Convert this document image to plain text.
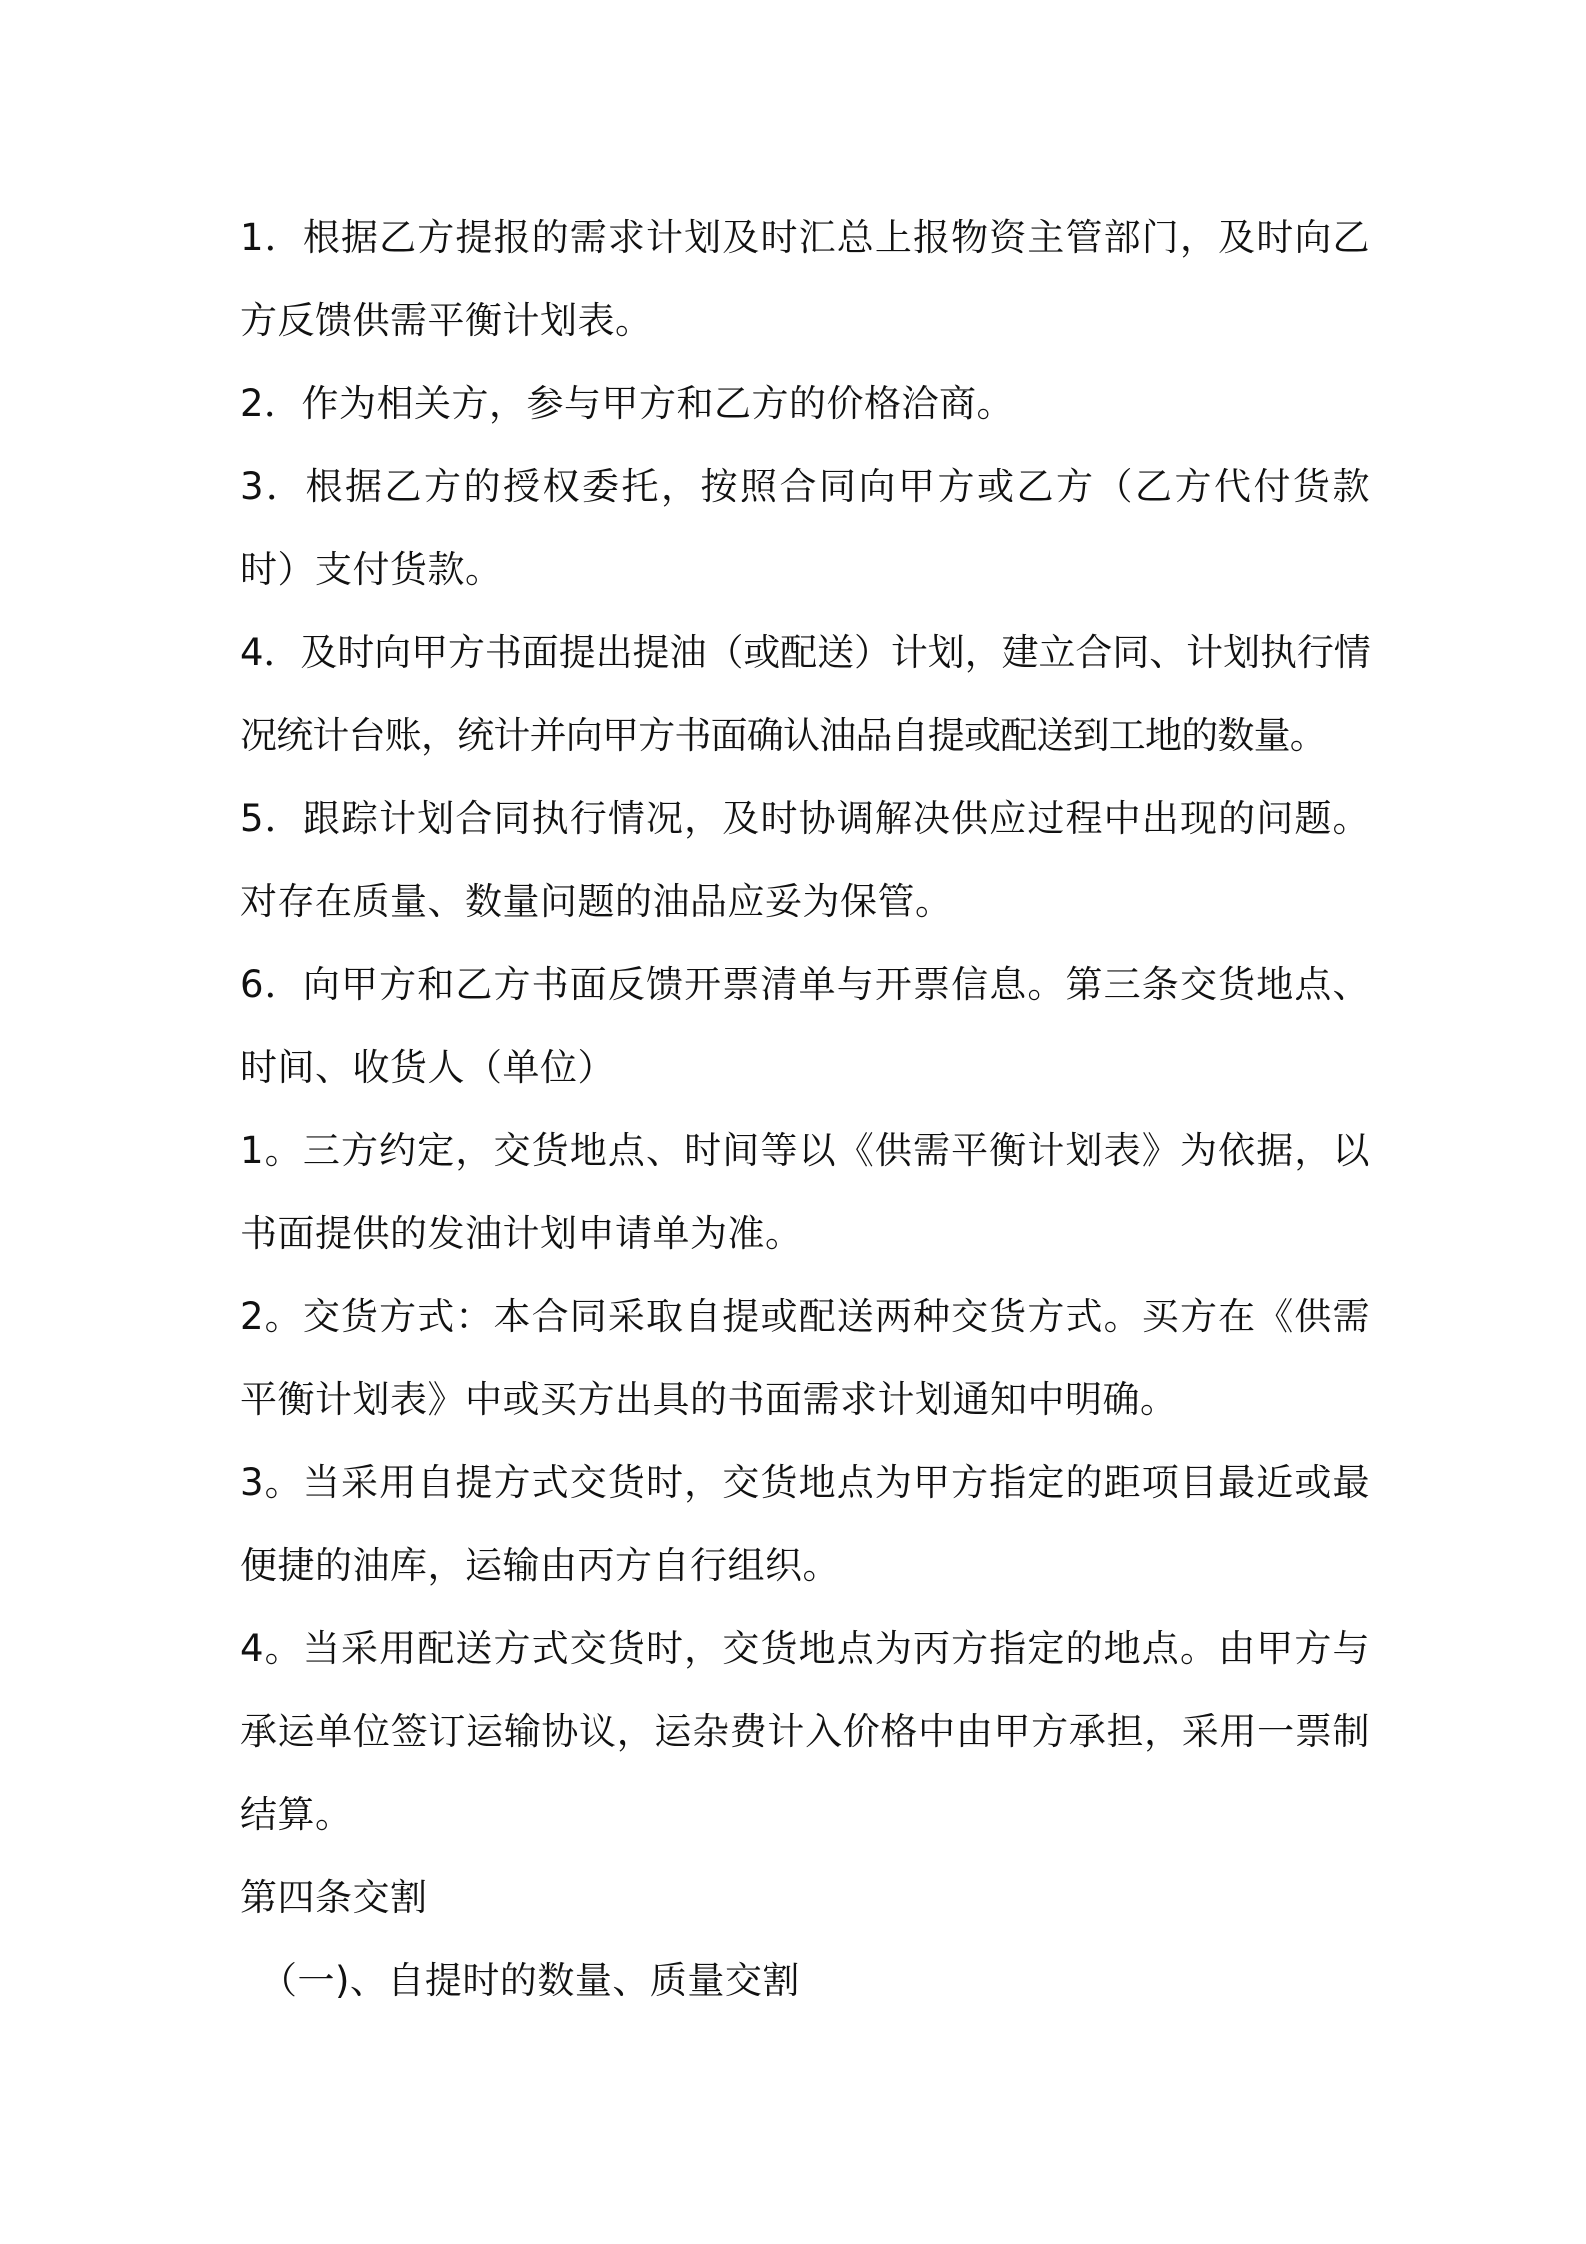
1．根据乙方提报的需求计划及时汇总上报物资主管部门，及时向乙方反馈供需平衡计划表。

2．作为相关方，参与甲方和乙方的价格洽商。

3．根据乙方的授权委托，按照合同向甲方或乙方（乙方代付货款时）支付货款。

4．及时向甲方书面提出提油（或配送）计划，建立合同、计划执行情况统计台账，统计并向甲方书面确认油品自提或配送到工地的数量。

5．跟踪计划合同执行情况，及时协调解决供应过程中出现的问题。对存在质量、数量问题的油品应妥为保管。

6．向甲方和乙方书面反馈开票清单与开票信息。第三条交货地点、时间、收货人（单位）

1。三方约定，交货地点、时间等以《供需平衡计划表》为依据，以书面提供的发油计划申请单为准。

2。交货方式：本合同采取自提或配送两种交货方式。买方在《供需平衡计划表》中或买方出具的书面需求计划通知中明确。

3。当采用自提方式交货时，交货地点为甲方指定的距项目最近或最便捷的油库，运输由丙方自行组织。

4。当采用配送方式交货时，交货地点为丙方指定的地点。由甲方与承运单位签订运输协议，运杂费计入价格中由甲方承担，采用一票制结算。

第四条交割

（一)、自提时的数量、质量交割
